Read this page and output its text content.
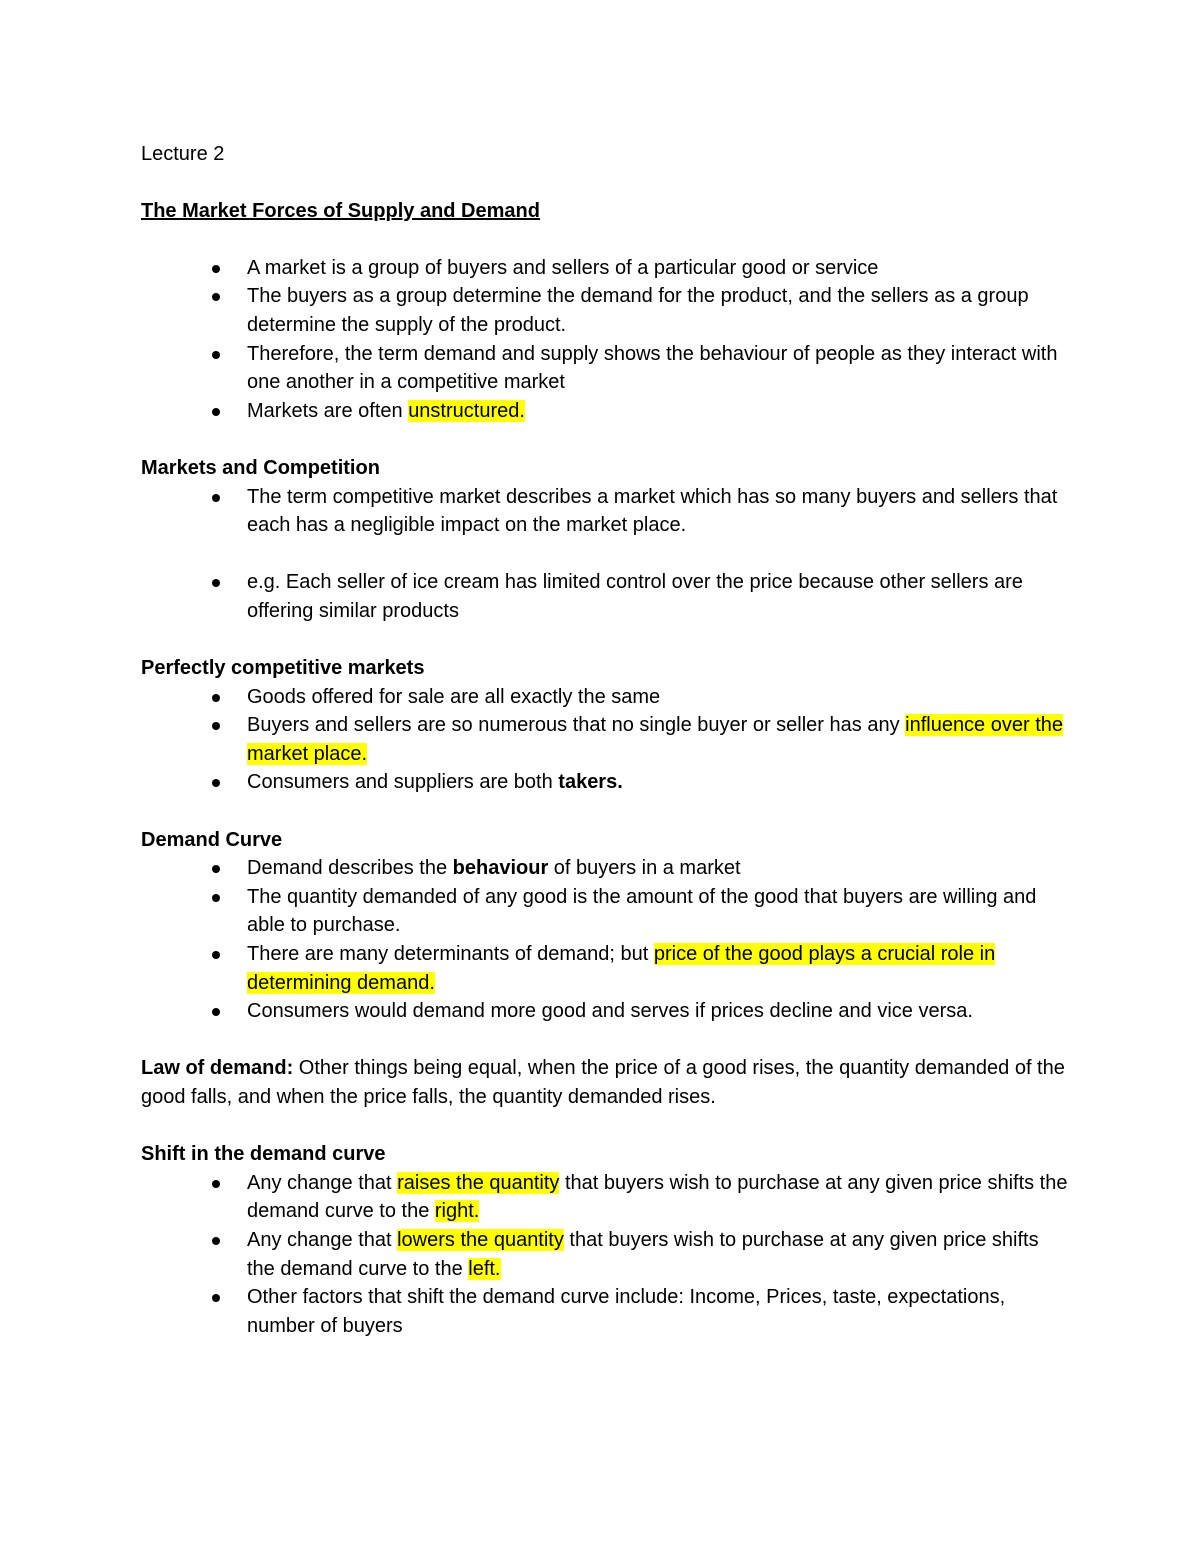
Lecture 2

The Market Forces of Supply and Demand

A market is a group of buyers and sellers of a particular good or service
The buyers as a group determine the demand for the product, and the sellers as a group determine the supply of the product.
Therefore, the term demand and supply shows the behaviour of people as they interact with one another in a competitive market
Markets are often unstructured.

Markets and Competition

The term competitive market describes a market which has so many buyers and sellers that each has a negligible impact on the market place.
e.g. Each seller of ice cream has limited control over the price because other sellers are offering similar products

Perfectly competitive markets

Goods offered for sale are all exactly the same
Buyers and sellers are so numerous that no single buyer or seller has any influence over the market place.
Consumers and suppliers are both takers.

Demand Curve

Demand describes the behaviour of buyers in a market
The quantity demanded of any good is the amount of the good that buyers are willing and able to purchase.
There are many determinants of demand; but price of the good plays a crucial role in determining demand.
Consumers would demand more good and serves if prices decline and vice versa.

Law of demand: Other things being equal, when the price of a good rises, the quantity demanded of the good falls, and when the price falls, the quantity demanded rises.

Shift in the demand curve

Any change that raises the quantity that buyers wish to purchase at any given price shifts the demand curve to the right.
Any change that lowers the quantity that buyers wish to purchase at any given price shifts the demand curve to the left.
Other factors that shift the demand curve include: Income, Prices, taste, expectations, number of buyers
